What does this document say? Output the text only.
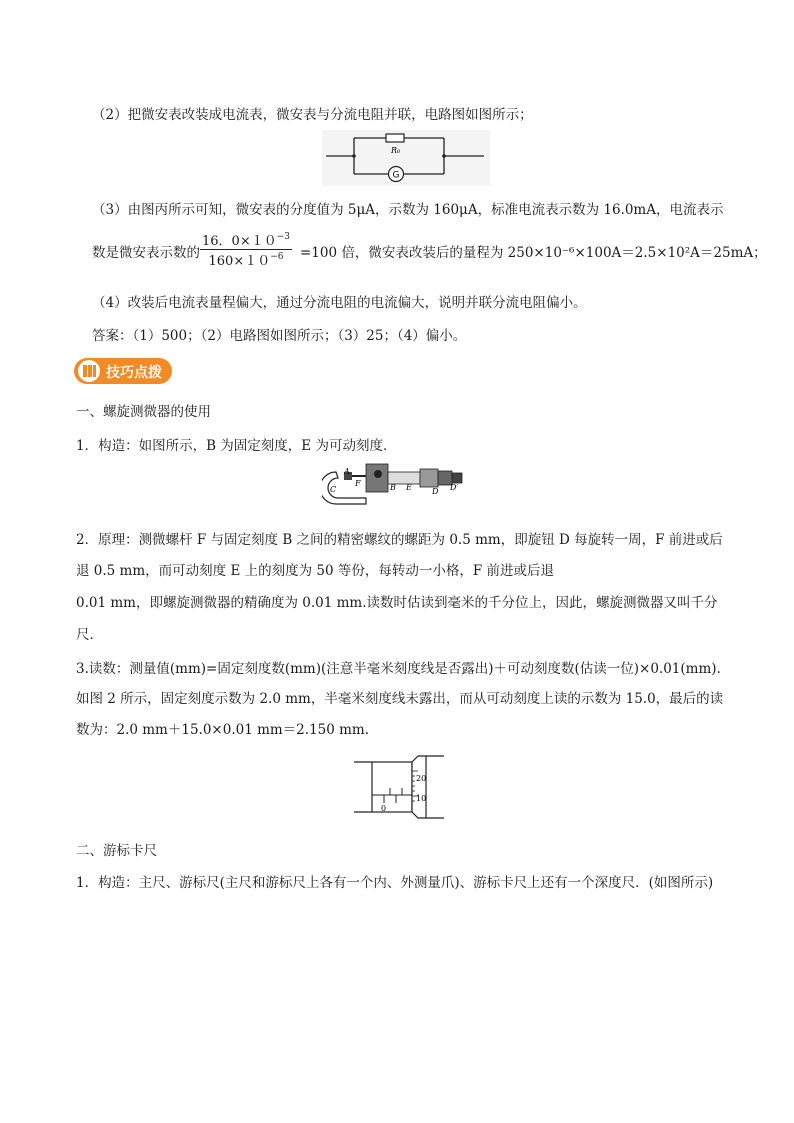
（2）把微安表改装成电流表，微安表与分流电阻并联，电路图如图所示；
R₀
G
（3）由图丙所示可知，微安表的分度值为 5μA，示数为 160μA，标准电流表示数为 16.0mA，电流表示
数是微安表示数的 $\frac{16.0\times 10^{-3}}{160\times 10^{-6}} =100$ 倍，微安表改装后的量程为 250×10⁻⁶×100A＝2.5×10²A＝25mA；
（4）改装后电流表量程偏大，通过分流电阻的电流偏大，说明并联分流电阻偏小。
答案：（1）500；（2）电路图如图所示；（3）25；（4）偏小。
技巧点拨
一、螺旋测微器的使用
1．构造：如图所示，B 为固定刻度，E 为可动刻度．
A
F
C	B E	D D′
2．原理：测微螺杆 F 与固定刻度 B 之间的精密螺纹的螺距为 0.5 mm，即旋钮 D 每旋转一周，F 前进或后
退 0.5 mm，而可动刻度 E 上的刻度为 50 等份，每转动一小格，F 前进或后退
0.01 mm，即螺旋测微器的精确度为 0.01 mm.读数时估读到毫米的千分位上，因此，螺旋测微器又叫千分
尺．
3.读数：测量值(mm)=固定刻度数(mm)(注意半毫米刻度线是否露出)＋可动刻度数(估读一位)×0.01(mm).
如图 2 所示，固定刻度示数为 2.0 mm，半毫米刻度线未露出，而从可动刻度上读的示数为 15.0，最后的读
数为：2.0 mm＋15.0×0.01 mm＝2.150 mm.
20
10
0
二、游标卡尺
1．构造：主尺、游标尺(主尺和游标尺上各有一个内、外测量爪)、游标卡尺上还有一个深度尺．(如图所示)
